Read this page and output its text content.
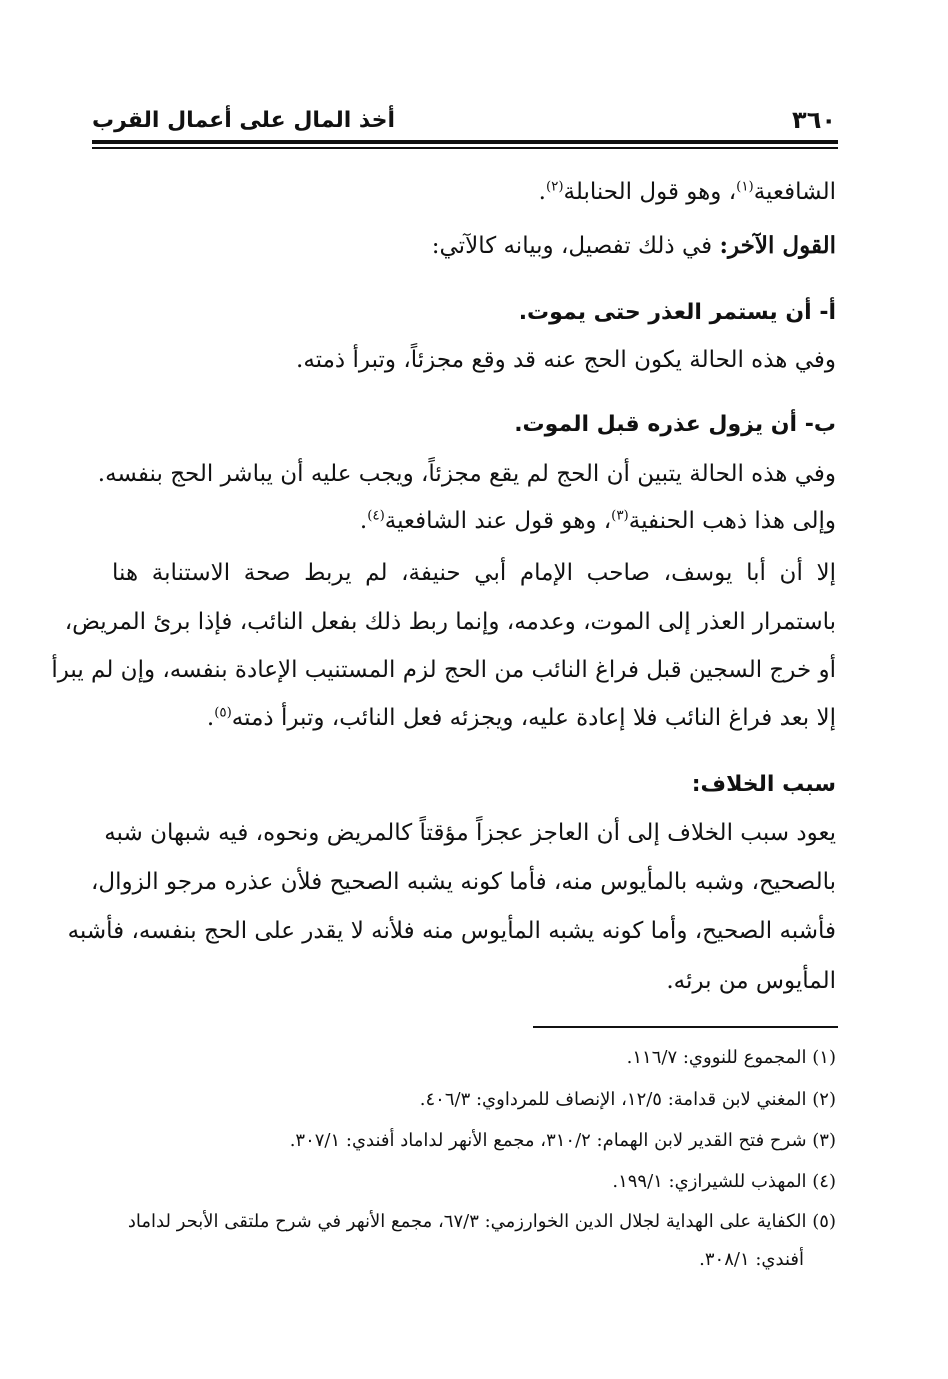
٣٦٠
أخذ المال على أعمال القرب
الشافعية$^{(١)}$، وهو قول الحنابلة$^{(٢)}$.
القول الآخر: في ذلك تفصيل، وبيانه كالآتي:
أ- أن يستمر العذر حتى يموت.
وفي هذه الحالة يكون الحج عنه قد وقع مجزئاً، وتبرأ ذمته.
ب- أن يزول عذره قبل الموت.
وفي هذه الحالة يتبين أن الحج لم يقع مجزئاً، ويجب عليه أن يباشر الحج بنفسه.
وإلى هذا ذهب الحنفية$^{(٣)}$، وهو قول عند الشافعية$^{(٤)}$.
إلا أن أبا يوسف، صاحب الإمام أبي حنيفة، لم يربط صحة الاستنابة هنا
باستمرار العذر إلى الموت، وعدمه، وإنما ربط ذلك بفعل النائب، فإذا برئ المريض،
أو خرج السجين قبل فراغ النائب من الحج لزم المستنيب الإعادة بنفسه، وإن لم يبرأ
إلا بعد فراغ النائب فلا إعادة عليه، ويجزئه فعل النائب، وتبرأ ذمته$^{(٥)}$.
سبب الخلاف:
يعود سبب الخلاف إلى أن العاجز عجزاً مؤقتاً كالمريض ونحوه، فيه شبهان شبه
بالصحيح، وشبه بالمأيوس منه، فأما كونه يشبه الصحيح فلأن عذره مرجو الزوال،
فأشبه الصحيح، وأما كونه يشبه المأيوس منه فلأنه لا يقدر على الحج بنفسه، فأشبه
المأيوس من برئه.
(١) المجموع للنووي: ١١٦/٧.
(٢) المغني لابن قدامة: ١٢/٥، الإنصاف للمرداوي: ٤٠٦/٣.
(٣) شرح فتح القدير لابن الهمام: ٣١٠/٢، مجمع الأنهر لداماد أفندي: ٣٠٧/١.
(٤) المهذب للشيرازي: ١٩٩/١.
(٥) الكفاية على الهداية لجلال الدين الخوارزمي: ٦٧/٣، مجمع الأنهر في شرح ملتقى الأبحر لداماد
أفندي: ٣٠٨/١.
